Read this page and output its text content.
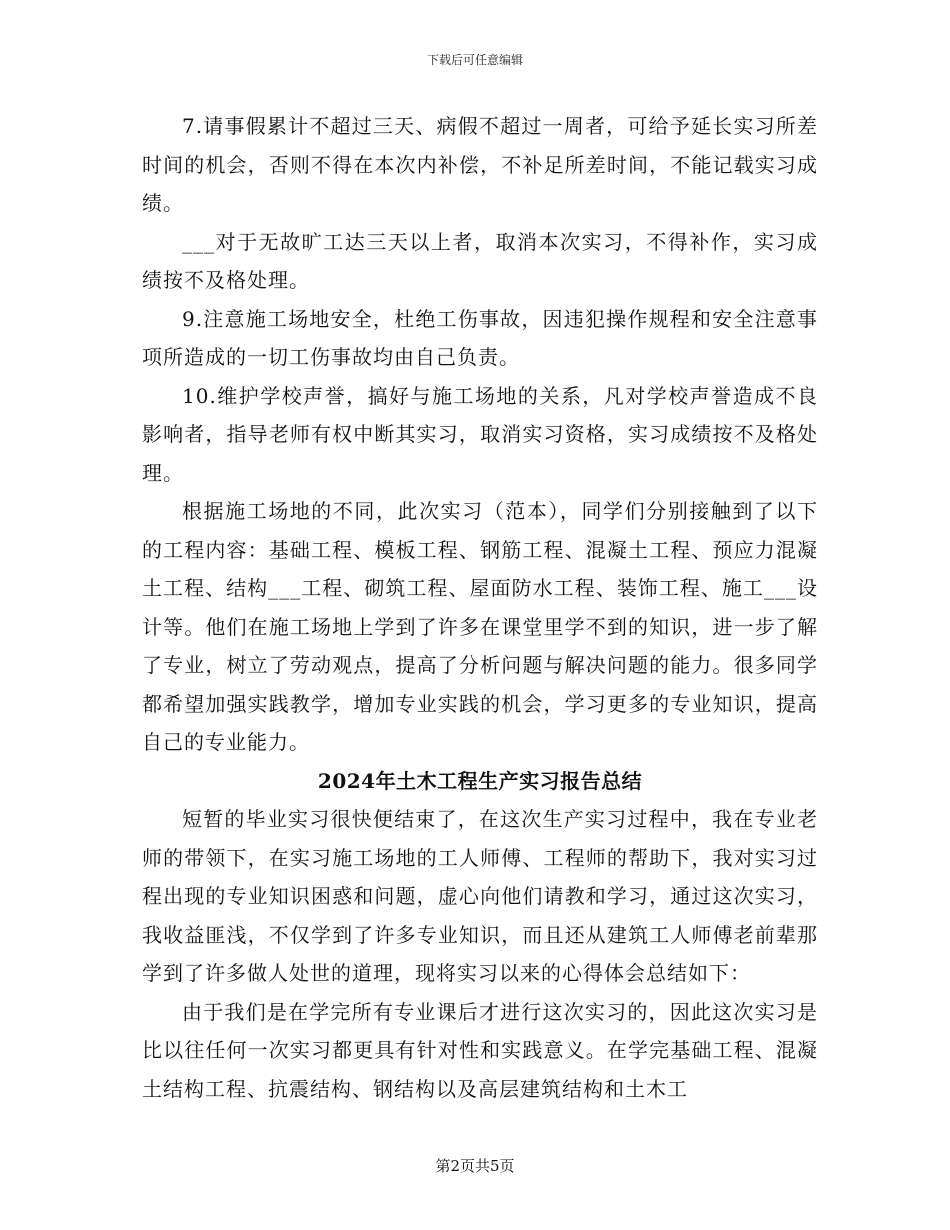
下载后可任意编辑

7.请事假累计不超过三天、病假不超过一周者，可给予延长实习所差时间的机会，否则不得在本次内补偿，不补足所差时间，不能记载实习成绩。

___对于无故旷工达三天以上者，取消本次实习，不得补作，实习成绩按不及格处理。

9.注意施工场地安全，杜绝工伤事故，因违犯操作规程和安全注意事项所造成的一切工伤事故均由自己负责。

10.维护学校声誉，搞好与施工场地的关系，凡对学校声誉造成不良影响者，指导老师有权中断其实习，取消实习资格，实习成绩按不及格处理。

根据施工场地的不同，此次实习（范本），同学们分别接触到了以下的工程内容：基础工程、模板工程、钢筋工程、混凝土工程、预应力混凝土工程、结构___工程、砌筑工程、屋面防水工程、装饰工程、施工___设计等。他们在施工场地上学到了许多在课堂里学不到的知识，进一步了解了专业，树立了劳动观点，提高了分析问题与解决问题的能力。很多同学都希望加强实践教学，增加专业实践的机会，学习更多的专业知识，提高自己的专业能力。

2024年土木工程生产实习报告总结

短暂的毕业实习很快便结束了，在这次生产实习过程中，我在专业老师的带领下，在实习施工场地的工人师傅、工程师的帮助下，我对实习过程出现的专业知识困惑和问题，虚心向他们请教和学习，通过这次实习，我收益匪浅，不仅学到了许多专业知识，而且还从建筑工人师傅老前辈那学到了许多做人处世的道理，现将实习以来的心得体会总结如下：

由于我们是在学完所有专业课后才进行这次实习的，因此这次实习是比以往任何一次实习都更具有针对性和实践意义。在学完基础工程、混凝土结构工程、抗震结构、钢结构以及高层建筑结构和土木工

第2页共5页
